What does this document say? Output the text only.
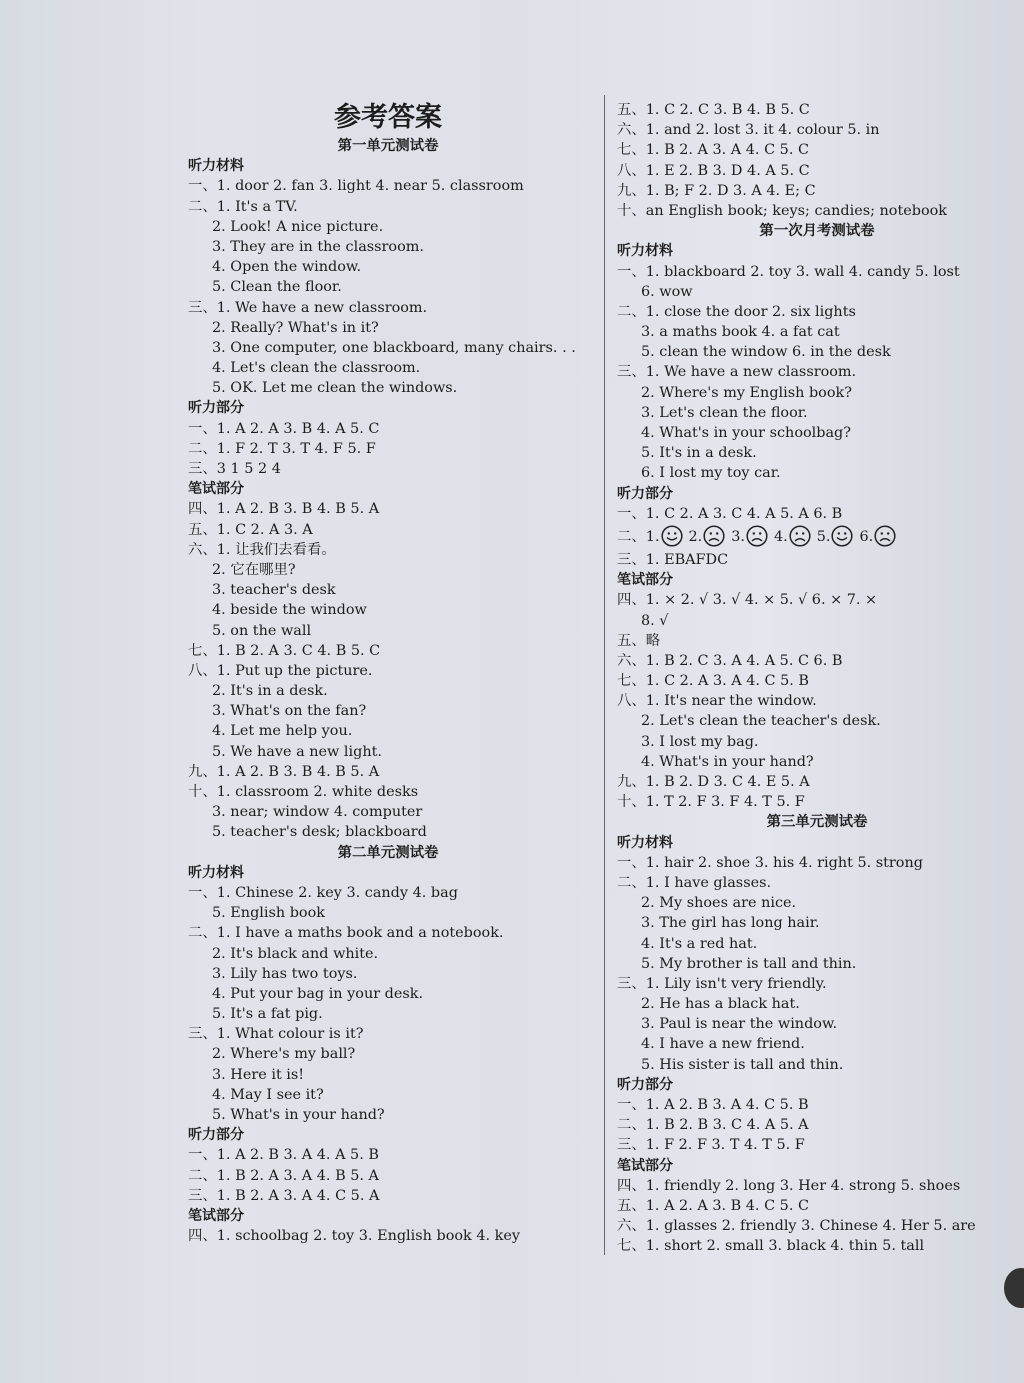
参考答案
第一单元测试卷
听力材料
一、1. door 2. fan 3. light 4. near 5. classroom
二、1. It's a TV.
2. Look! A nice picture.
3. They are in the classroom.
4. Open the window.
5. Clean the floor.
三、1. We have a new classroom.
2. Really? What's in it?
3. One computer, one blackboard, many chairs. . .
4. Let's clean the classroom.
5. OK. Let me clean the windows.
听力部分
一、1. A 2. A 3. B 4. A 5. C
二、1. F 2. T 3. T 4. F 5. F
三、3 1 5 2 4
笔试部分
四、1. A 2. B 3. B 4. B 5. A
五、1. C 2. A 3. A
六、1. 让我们去看看。
2. 它在哪里?
3. teacher's desk
4. beside the window
5. on the wall
七、1. B 2. A 3. C 4. B 5. C
八、1. Put up the picture.
2. It's in a desk.
3. What's on the fan?
4. Let me help you.
5. We have a new light.
九、1. A 2. B 3. B 4. B 5. A
十、1. classroom 2. white desks
3. near; window 4. computer
5. teacher's desk; blackboard
第二单元测试卷
听力材料
一、1. Chinese 2. key 3. candy 4. bag
5. English book
二、1. I have a maths book and a notebook.
2. It's black and white.
3. Lily has two toys.
4. Put your bag in your desk.
5. It's a fat pig.
三、1. What colour is it?
2. Where's my ball?
3. Here it is!
4. May I see it?
5. What's in your hand?
听力部分
一、1. A 2. B 3. A 4. A 5. B
二、1. B 2. A 3. A 4. B 5. A
三、1. B 2. A 3. A 4. C 5. A
笔试部分
四、1. schoolbag 2. toy 3. English book 4. key
五、1. C 2. C 3. B 4. B 5. C
六、1. and 2. lost 3. it 4. colour 5. in
七、1. B 2. A 3. A 4. C 5. C
八、1. E 2. B 3. D 4. A 5. C
九、1. B; F 2. D 3. A 4. E; C
十、an English book; keys; candies; notebook
第一次月考测试卷
听力材料
一、1. blackboard 2. toy 3. wall 4. candy 5. lost
6. wow
二、1. close the door 2. six lights
3. a maths book 4. a fat cat
5. clean the window 6. in the desk
三、1. We have a new classroom.
2. Where's my English book?
3. Let's clean the floor.
4. What's in your schoolbag?
5. It's in a desk.
6. I lost my toy car.
听力部分
一、1. C 2. A 3. C 4. A 5. A 6. B
二、1. 2. 3. 4. 5. 6.
三、1. EBAFDC
笔试部分
四、1. × 2. √ 3. √ 4. × 5. √ 6. × 7. ×
8. √
五、略
六、1. B 2. C 3. A 4. A 5. C 6. B
七、1. C 2. A 3. A 4. C 5. B
八、1. It's near the window.
2. Let's clean the teacher's desk.
3. I lost my bag.
4. What's in your hand?
九、1. B 2. D 3. C 4. E 5. A
十、1. T 2. F 3. F 4. T 5. F
第三单元测试卷
听力材料
一、1. hair 2. shoe 3. his 4. right 5. strong
二、1. I have glasses.
2. My shoes are nice.
3. The girl has long hair.
4. It's a red hat.
5. My brother is tall and thin.
三、1. Lily isn't very friendly.
2. He has a black hat.
3. Paul is near the window.
4. I have a new friend.
5. His sister is tall and thin.
听力部分
一、1. A 2. B 3. A 4. C 5. B
二、1. B 2. B 3. C 4. A 5. A
三、1. F 2. F 3. T 4. T 5. F
笔试部分
四、1. friendly 2. long 3. Her 4. strong 5. shoes
五、1. A 2. A 3. B 4. C 5. C
六、1. glasses 2. friendly 3. Chinese 4. Her 5. are
七、1. short 2. small 3. black 4. thin 5. tall
